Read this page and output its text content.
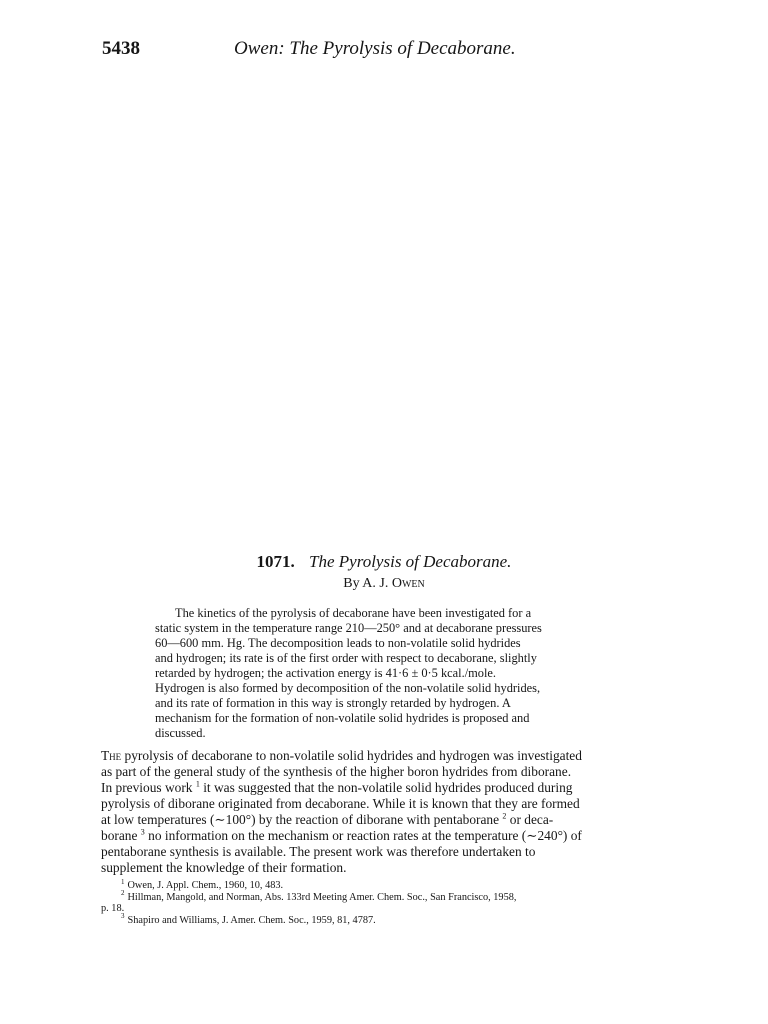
5438	Owen: The Pyrolysis of Decaborane.
1071. The Pyrolysis of Decaborane.
By A. J. Owen
The kinetics of the pyrolysis of decaborane have been investigated for a
static system in the temperature range 210—250° and at decaborane pressures
60—600 mm. Hg. The decomposition leads to non-volatile solid hydrides
and hydrogen; its rate is of the first order with respect to decaborane, slightly
retarded by hydrogen; the activation energy is 41·6 ± 0·5 kcal./mole.
Hydrogen is also formed by decomposition of the non-volatile solid hydrides,
and its rate of formation in this way is strongly retarded by hydrogen. A
mechanism for the formation of non-volatile solid hydrides is proposed and
discussed.
The pyrolysis of decaborane to non-volatile solid hydrides and hydrogen was investigated
as part of the general study of the synthesis of the higher boron hydrides from diborane.
In previous work $^1$ it was suggested that the non-volatile solid hydrides produced during
pyrolysis of diborane originated from decaborane. While it is known that they are formed
at low temperatures (∼100°) by the reaction of diborane with pentaborane $^2$ or deca-
borane $^3$ no information on the mechanism or reaction rates at the temperature (∼240°) of
pentaborane synthesis is available. The present work was therefore undertaken to
supplement the knowledge of their formation.
$^1$ Owen, J. Appl. Chem., 1960, 10, 483.
$^2$ Hillman, Mangold, and Norman, Abs. 133rd Meeting Amer. Chem. Soc., San Francisco, 1958,
p. 18.
$^3$ Shapiro and Williams, J. Amer. Chem. Soc., 1959, 81, 4787.
